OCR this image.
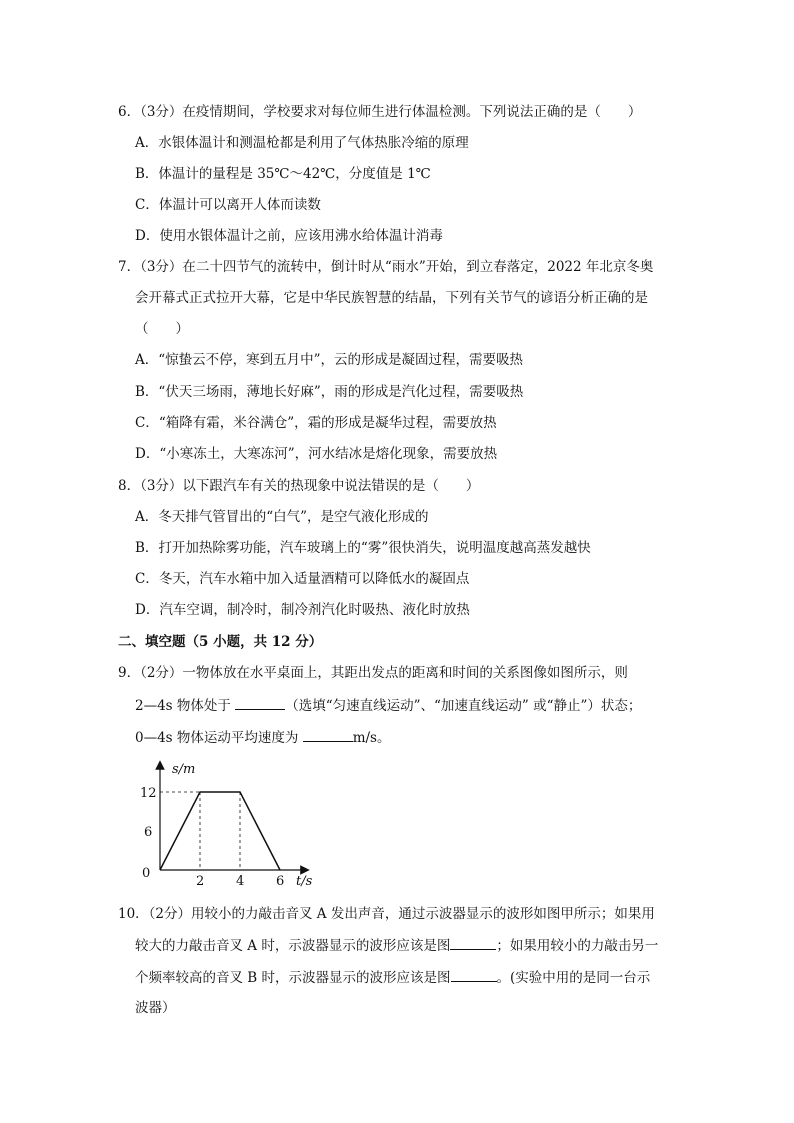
6．（3分）在疫情期间，学校要求对每位师生进行体温检测。下列说法正确的是（　　）
A．水银体温计和测温枪都是利用了气体热胀冷缩的原理
B．体温计的量程是 35℃～42℃，分度值是 1℃
C．体温计可以离开人体而读数
D．使用水银体温计之前，应该用沸水给体温计消毒
7．（3分）在二十四节气的流转中，倒计时从“雨水”开始，到立春落定，2022 年北京冬奥
会开幕式正式拉开大幕，它是中华民族智慧的结晶，下列有关节气的谚语分析正确的是
（　　）
A．“惊蛰云不停，寒到五月中”，云的形成是凝固过程，需要吸热
B．“伏天三场雨，薄地长好麻”，雨的形成是汽化过程，需要吸热
C．“箱降有霜，米谷满仓”，霜的形成是凝华过程，需要放热
D．“小寒冻土，大寒冻河”，河水结冰是熔化现象，需要放热
8．（3分）以下跟汽车有关的热现象中说法错误的是（　　）
A．冬天排气管冒出的“白气”，是空气液化形成的
B．打开加热除雾功能，汽车玻璃上的“雾”很快消失，说明温度越高蒸发越快
C．冬天，汽车水箱中加入适量酒精可以降低水的凝固点
D．汽车空调，制冷时，制冷剂汽化时吸热、液化时放热
二、填空题（5 小题，共 12 分）
9．（2分）一物体放在水平桌面上，其距出发点的距离和时间的关系图像如图所示，则
2—4s 物体处于	（选填“匀速直线运动”、“加速直线运动” 或“静止”）状态；
0—4s 物体运动平均速度为	m/s。
s/m
t/s
0
2 4 6
12
6
10．（2分）用较小的力敲击音叉 A 发出声音，通过示波器显示的波形如图甲所示；如果用
较大的力敲击音叉 A 时，示波器显示的波形应该是图	；如果用较小的力敲击另一
个频率较高的音叉 B 时，示波器显示的波形应该是图	。(实验中用的是同一台示
波器）
